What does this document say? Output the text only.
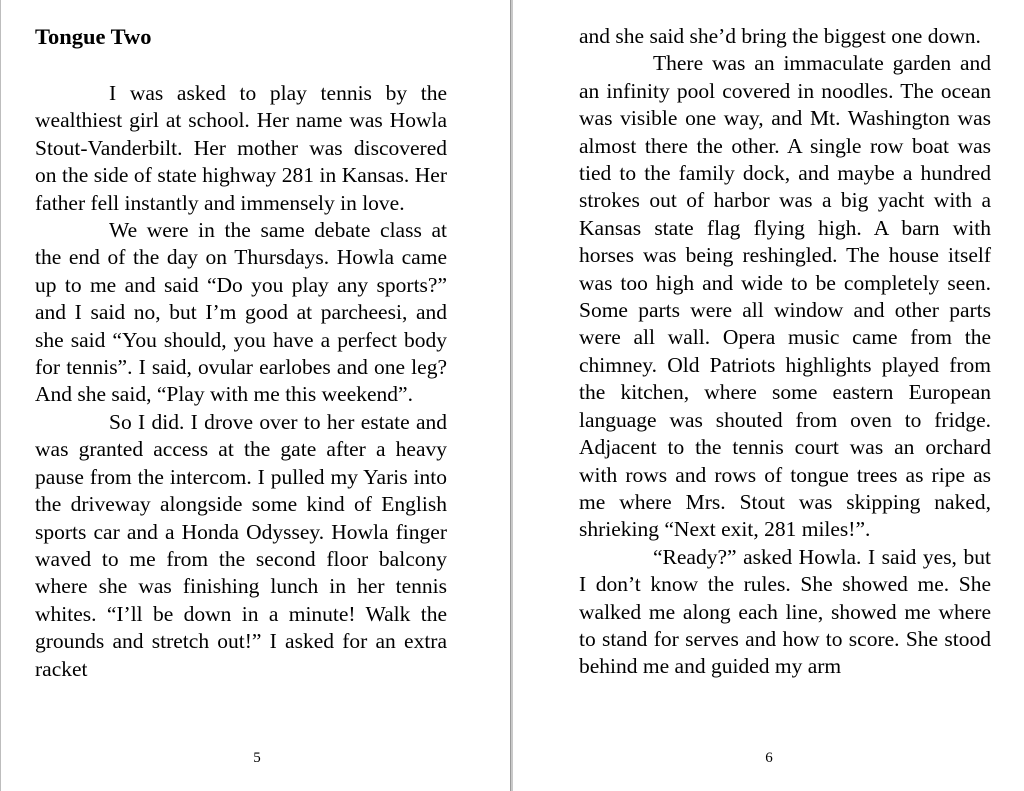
Tongue Two

I was asked to play tennis by the wealthiest girl at school. Her name was Howla Stout-Vanderbilt. Her mother was discovered on the side of state highway 281 in Kansas. Her father fell instantly and immensely in love.

We were in the same debate class at the end of the day on Thursdays. Howla came up to me and said “Do you play any sports?” and I said no, but I’m good at parcheesi, and she said “You should, you have a perfect body for tennis”. I said, ovular earlobes and one leg? And she said, “Play with me this weekend”.

So I did. I drove over to her estate and was granted access at the gate after a heavy pause from the intercom. I pulled my Yaris into the driveway alongside some kind of English sports car and a Honda Odyssey. Howla finger waved to me from the second floor balcony where she was finishing lunch in her tennis whites. “I’ll be down in a minute! Walk the grounds and stretch out!” I asked for an extra racket

5

and she said she’d bring the biggest one down.

There was an immaculate garden and an infinity pool covered in noodles. The ocean was visible one way, and Mt. Washington was almost there the other. A single row boat was tied to the family dock, and maybe a hundred strokes out of harbor was a big yacht with a Kansas state flag flying high. A barn with horses was being reshingled. The house itself was too high and wide to be completely seen. Some parts were all window and other parts were all wall. Opera music came from the chimney. Old Patriots highlights played from the kitchen, where some eastern European language was shouted from oven to fridge. Adjacent to the tennis court was an orchard with rows and rows of tongue trees as ripe as me where Mrs. Stout was skipping naked, shrieking “Next exit, 281 miles!”.

“Ready?” asked Howla. I said yes, but I don’t know the rules. She showed me. She walked me along each line, showed me where to stand for serves and how to score. She stood behind me and guided my arm

6
